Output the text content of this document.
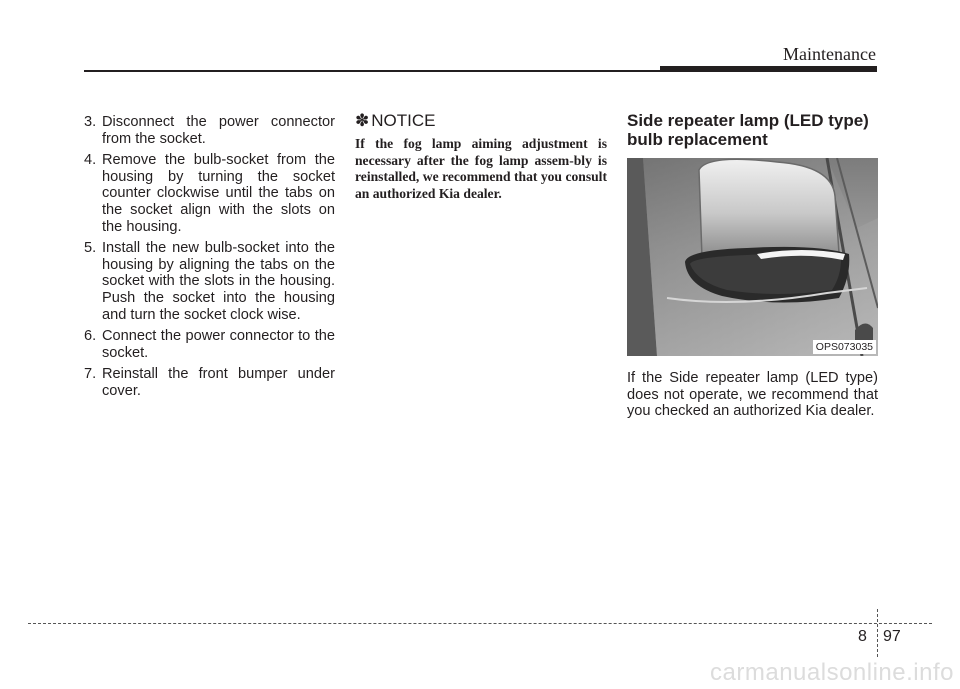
Maintenance
3. Disconnect the power connector from the socket.
4. Remove the bulb-socket from the housing by turning the socket counter clockwise until the tabs on the socket align with the slots on the housing.
5. Install the new bulb-socket into the housing by aligning the tabs on the socket with the slots in the housing. Push the socket into the housing and turn the socket clock wise.
6. Connect the power connector to the socket.
7. Reinstall the front bumper under cover.
✽ NOTICE
If the fog lamp aiming adjustment is necessary after the fog lamp assem-bly is reinstalled, we recommend that you consult an authorized Kia dealer.
Side repeater lamp (LED type) bulb replacement
OPS073035
If the Side repeater lamp (LED type) does not operate, we recommend that you checked an authorized Kia dealer.
8 97
carmanualsonline.info
